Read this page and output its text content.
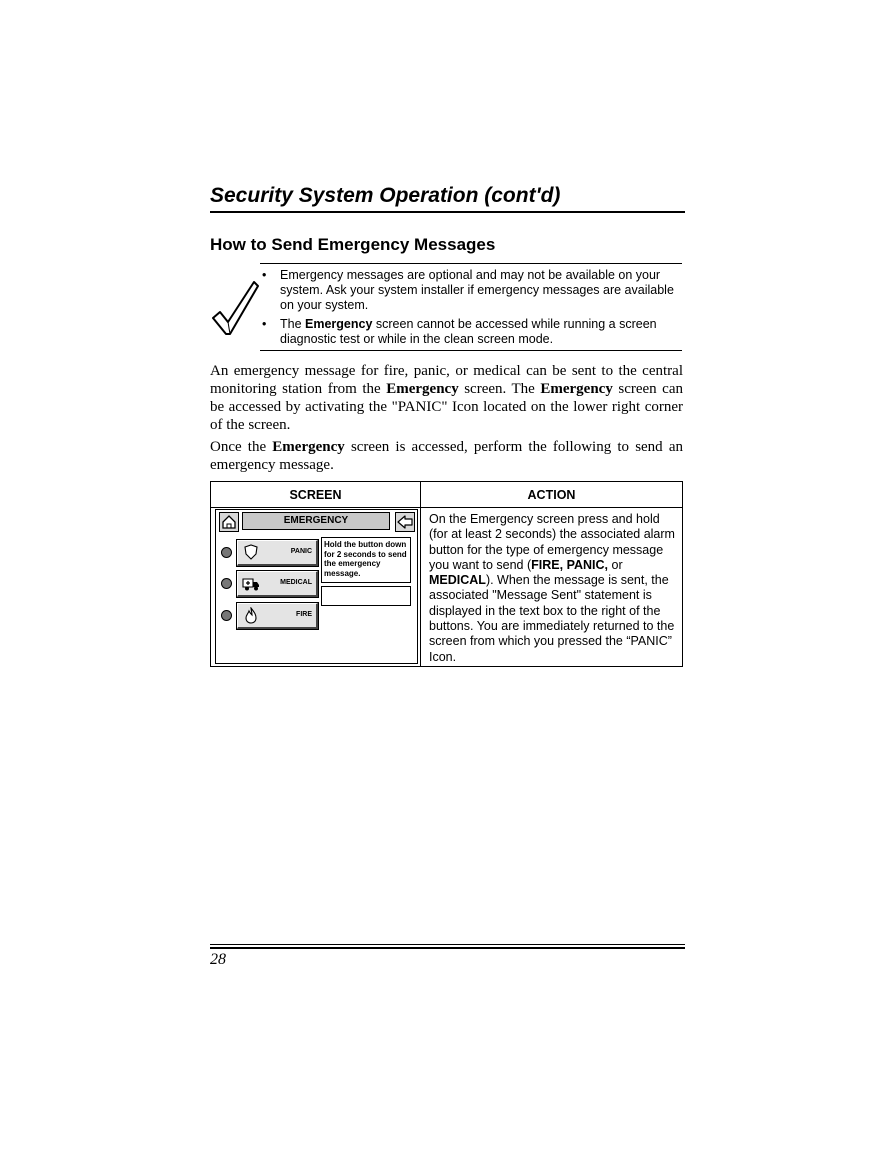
Security System Operation (cont'd)
How to Send Emergency Messages
• Emergency messages are optional and may not be available on your system. Ask your system installer if emergency messages are available on your system.
• The Emergency screen cannot be accessed while running a screen diagnostic test or while in the clean screen mode.

An emergency message for fire, panic, or medical can be sent to the central monitoring station from the Emergency screen. The Emergency screen can be accessed by activating the "PANIC" Icon located on the lower right corner of the screen.

Once the Emergency screen is accessed, perform the following to send an emergency message.

SCREEN	ACTION
EMERGENCY
PANIC
MEDICAL
FIRE
Hold the button down for 2 seconds to send the emergency message.
On the Emergency screen press and hold (for at least 2 seconds) the associated alarm button for the type of emergency message you want to send (FIRE, PANIC, or MEDICAL). When the message is sent, the associated "Message Sent" statement is displayed in the text box to the right of the buttons. You are immediately returned to the screen from which you pressed the “PANIC” Icon.
28
